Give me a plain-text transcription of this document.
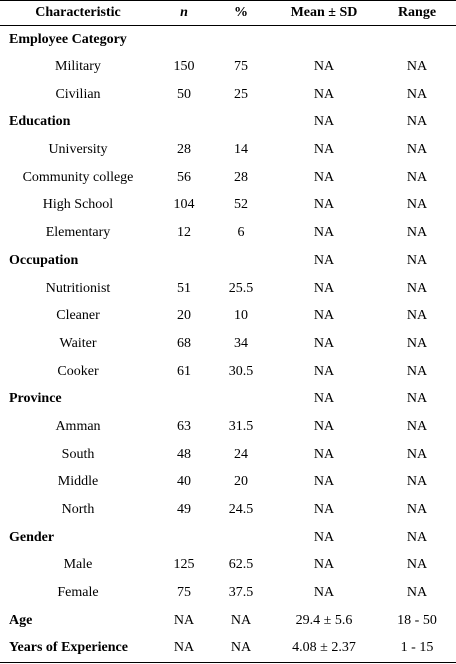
Characteristic	n	%	Mean ± SD	Range
Employee Category				
Military	150	75	NA	NA
Civilian	50	25	NA	NA
Education			NA	NA
University	28	14	NA	NA
Community college	56	28	NA	NA
High School	104	52	NA	NA
Elementary	12	6	NA	NA
Occupation			NA	NA
Nutritionist	51	25.5	NA	NA
Cleaner	20	10	NA	NA
Waiter	68	34	NA	NA
Cooker	61	30.5	NA	NA
Province			NA	NA
Amman	63	31.5	NA	NA
South	48	24	NA	NA
Middle	40	20	NA	NA
North	49	24.5	NA	NA
Gender			NA	NA
Male	125	62.5	NA	NA
Female	75	37.5	NA	NA
Age	NA	NA	29.4 ± 5.6	18 - 50
Years of Experience	NA	NA	4.08 ± 2.37	1 - 15
